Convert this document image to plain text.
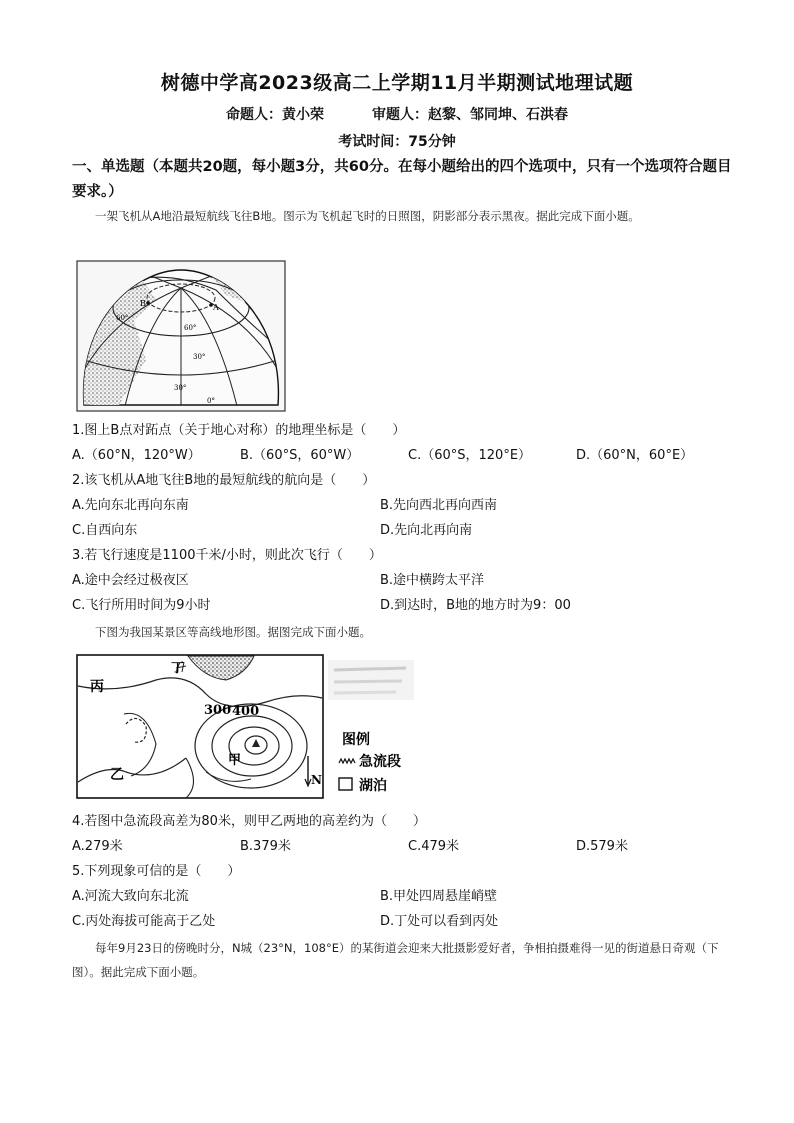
树德中学高2023级高二上学期11月半期测试地理试题
命题人：黄小荣	审题人：赵黎、邹同坤、石洪春
考试时间：75分钟
一、单选题（本题共20题，每小题3分，共60分。在每小题给出的四个选项中，只有一个选项符合题目要求。）
一架飞机从A地沿最短航线飞往B地。图示为飞机起飞时的日照图，阴影部分表示黑夜。据此完成下面小题。
B	A
60°
60°
30°
30°
0°
1.图上B点对跖点（关于地心对称）的地理坐标是（　　）
A.（60°N，120°W）	B.（60°S，60°W）	C.（60°S，120°E）	D.（60°N，60°E）
2.该飞机从A地飞往B地的最短航线的航向是（　　）
A.先向东北再向东南	B.先向西北再向西南
C.自西向东	D.先向北再向南
3.若飞行速度是1100千米/小时，则此次飞行（　　）
A.途中会经过极夜区	B.途中横跨太平洋
C.飞行所用时间为9小时	D.到达时，B地的地方时为9：00
下图为我国某景区等高线地形图。据图完成下面小题。
丙
丁
乙
甲
300 400
N
图例
急流段
湖泊
4.若图中急流段高差为80米，则甲乙两地的高差约为（　　）
A.279米	B.379米	C.479米	D.579米
5.下列现象可信的是（　　）
A.河流大致向东北流	B.甲处四周悬崖峭壁
C.丙处海拔可能高于乙处	D.丁处可以看到丙处
每年9月23日的傍晚时分，N城（23°N，108°E）的某街道会迎来大批摄影爱好者，争相拍摄难得一见的街道悬日奇观（下图）。据此完成下面小题。
